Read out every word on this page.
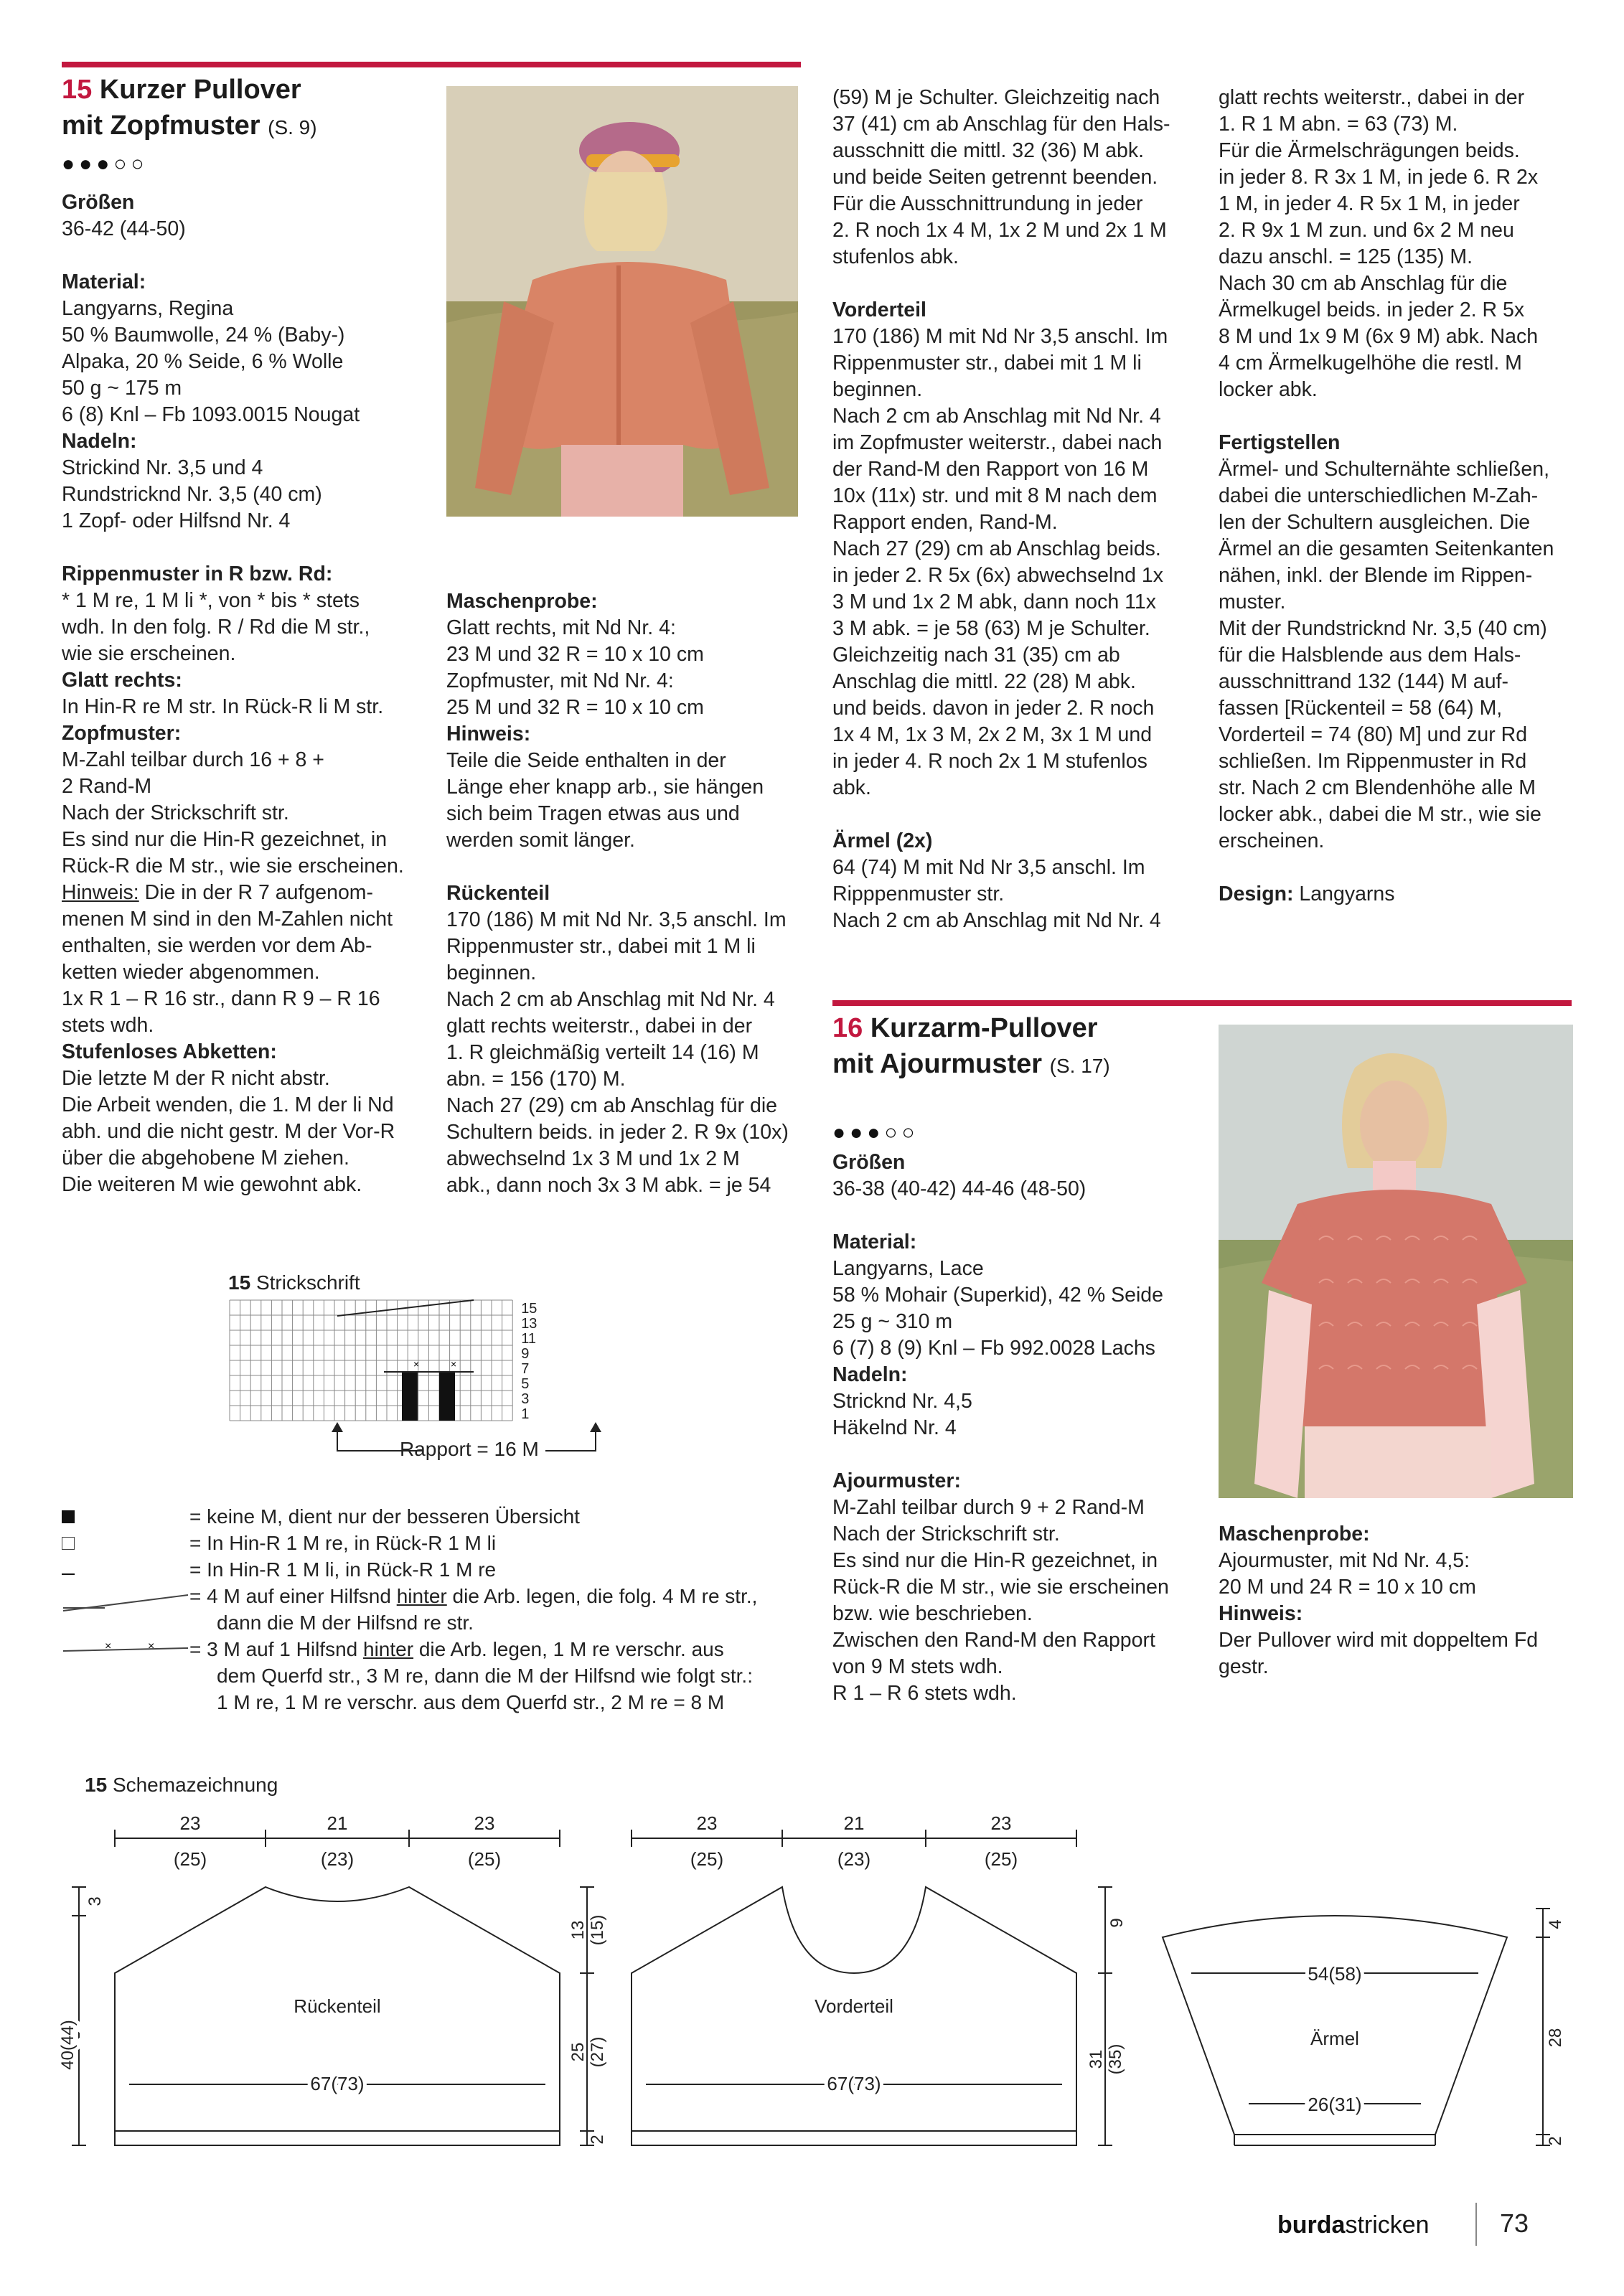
15 Kurzer Pullover
mit Zopfmuster (S. 9)
●●●○○
Größen
36-42 (44-50)
Material:
Langyarns, Regina
50 % Baumwolle, 24 % (Baby-)
Alpaka, 20 % Seide, 6 % Wolle
50 g ~ 175 m
6 (8) Knl – Fb 1093.0015 Nougat
Nadeln:
Strickind Nr. 3,5 und 4
Rundstricknd Nr. 3,5 (40 cm)
1 Zopf- oder Hilfsnd Nr. 4
Rippenmuster in R bzw. Rd:
* 1 M re, 1 M li *, von * bis * stets
wdh. In den folg. R / Rd die M str.,
wie sie erscheinen.
Glatt rechts:
In Hin-R re M str. In Rück-R li M str.
Zopfmuster:
M-Zahl teilbar durch 16 + 8 +
2 Rand-M
Nach der Strickschrift str.
Es sind nur die Hin-R gezeichnet, in
Rück-R die M str., wie sie erscheinen.
Hinweis: Die in der R 7 aufgenom-
menen M sind in den M-Zahlen nicht
enthalten, sie werden vor dem Ab-
ketten wieder abgenommen.
1x R 1 – R 16 str., dann R 9 – R 16
stets wdh.
Stufenloses Abketten:
Die letzte M der R nicht abstr.
Die Arbeit wenden, die 1. M der li Nd
abh. und die nicht gestr. M der Vor-R
über die abgehobene M ziehen.
Die weiteren M wie gewohnt abk.
Maschenprobe:
Glatt rechts, mit Nd Nr. 4:
23 M und 32 R = 10 x 10 cm
Zopfmuster, mit Nd Nr. 4:
25 M und 32 R = 10 x 10 cm
Hinweis:
Teile die Seide enthalten in der
Länge eher knapp arb., sie hängen
sich beim Tragen etwas aus und
werden somit länger.
Rückenteil
170 (186) M mit Nd Nr. 3,5 anschl. Im
Rippenmuster str., dabei mit 1 M li
beginnen.
Nach 2 cm ab Anschlag mit Nd Nr. 4
glatt rechts weiterstr., dabei in der
1. R gleichmäßig verteilt 14 (16) M
abn. = 156 (170) M.
Nach 27 (29) cm ab Anschlag für die
Schultern beids. in jeder 2. R 9x (10x)
abwechselnd 1x 3 M und 1x 2 M
abk., dann noch 3x 3 M abk. = je 54
(59) M je Schulter. Gleichzeitig nach
37 (41) cm ab Anschlag für den Hals-
ausschnitt die mittl. 32 (36) M abk.
und beide Seiten getrennt beenden.
Für die Ausschnittrundung in jeder
2. R noch 1x 4 M, 1x 2 M und 2x 1 M
stufenlos abk.
Vorderteil
170 (186) M mit Nd Nr 3,5 anschl. Im
Rippenmuster str., dabei mit 1 M li
beginnen.
Nach 2 cm ab Anschlag mit Nd Nr. 4
im Zopfmuster weiterstr., dabei nach
der Rand-M den Rapport von 16 M
10x (11x) str. und mit 8 M nach dem
Rapport enden, Rand-M.
Nach 27 (29) cm ab Anschlag beids.
in jeder 2. R 5x (6x) abwechselnd 1x
3 M und 1x 2 M abk, dann noch 11x
3 M abk. = je 58 (63) M je Schulter.
Gleichzeitig nach 31 (35) cm ab
Anschlag die mittl. 22 (28) M abk.
und beids. davon in jeder 2. R noch
1x 4 M, 1x 3 M, 2x 2 M, 3x 1 M und
in jeder 4. R noch 2x 1 M stufenlos
abk.
Ärmel (2x)
64 (74) M mit Nd Nr 3,5 anschl. Im
Ripppenmuster str.
Nach 2 cm ab Anschlag mit Nd Nr. 4
glatt rechts weiterstr., dabei in der
1. R 1 M abn. = 63 (73) M.
Für die Ärmelschrägungen beids.
in jeder 8. R 3x 1 M, in jede 6. R 2x
1 M, in jeder 4. R 5x 1 M, in jeder
2. R 9x 1 M zun. und 6x 2 M neu
dazu anschl. = 125 (135) M.
Nach 30 cm ab Anschlag für die
Ärmelkugel beids. in jeder 2. R 5x
8 M und 1x 9 M (6x 9 M) abk. Nach
4 cm Ärmelkugelhöhe die restl. M
locker abk.
Fertigstellen
Ärmel- und Schulternähte schließen,
dabei die unterschiedlichen M-Zah-
len der Schultern ausgleichen. Die
Ärmel an die gesamten Seitenkanten
nähen, inkl. der Blende im Rippen-
muster.
Mit der Rundstricknd Nr. 3,5 (40 cm)
für die Halsblende aus dem Hals-
ausschnittrand 132 (144) M auf-
fassen [Rückenteil = 58 (64) M,
Vorderteil = 74 (80) M] und zur Rd
schließen. Im Rippenmuster in Rd
str. Nach 2 cm Blendenhöhe alle M
locker abk., dabei die M str., wie sie
erscheinen.
Design: Langyarns
15 Strickschrift
×	×
15
13
11
9
7
5
3
1
Rapport = 16 M
×	×
= keine M, dient nur der besseren Übersicht
= In Hin-R 1 M re, in Rück-R 1 M li
= In Hin-R 1 M li, in Rück-R 1 M re
= 4 M auf einer Hilfsnd hinter die Arb. legen, die folg. 4 M re str.,
dann die M der Hilfsnd re str.
= 3 M auf 1 Hilfsnd hinter die Arb. legen, 1 M re verschr. aus
dem Querfd str., 3 M re, dann die M der Hilfsnd wie folgt str.:
1 M re, 1 M re verschr. aus dem Querfd str., 2 M re = 8 M
16 Kurzarm-Pullover
mit Ajourmuster (S. 17)
●●●○○
Größen
36-38 (40-42) 44-46 (48-50)
Material:
Langyarns, Lace
58 % Mohair (Superkid), 42 % Seide
25 g ~ 310 m
6 (7) 8 (9) Knl – Fb 992.0028 Lachs
Nadeln:
Stricknd Nr. 4,5
Häkelnd Nr. 4
Ajourmuster:
M-Zahl teilbar durch 9 + 2 Rand-M
Nach der Strickschrift str.
Es sind nur die Hin-R gezeichnet, in
Rück-R die M str., wie sie erscheinen
bzw. wie beschrieben.
Zwischen den Rand-M den Rapport
von 9 M stets wdh.
R 1 – R 6 stets wdh.
Maschenprobe:
Ajourmuster, mit Nd Nr. 4,5:
20 M und 24 R = 10 x 10 cm
Hinweis:
Der Pullover wird mit doppeltem Fd
gestr.
15 Schemazeichnung
23
(25)
21
(23)
23
(25)
Rückenteil
67(73)
23
(25)
21
(23)
23
(25)
Vorderteil
67(73)
54(58)
Ärmel
26(31)
3
40(44)
13 (15)
25 (27)
2
9
31 (35)
4
28
2
burdastricken	73
